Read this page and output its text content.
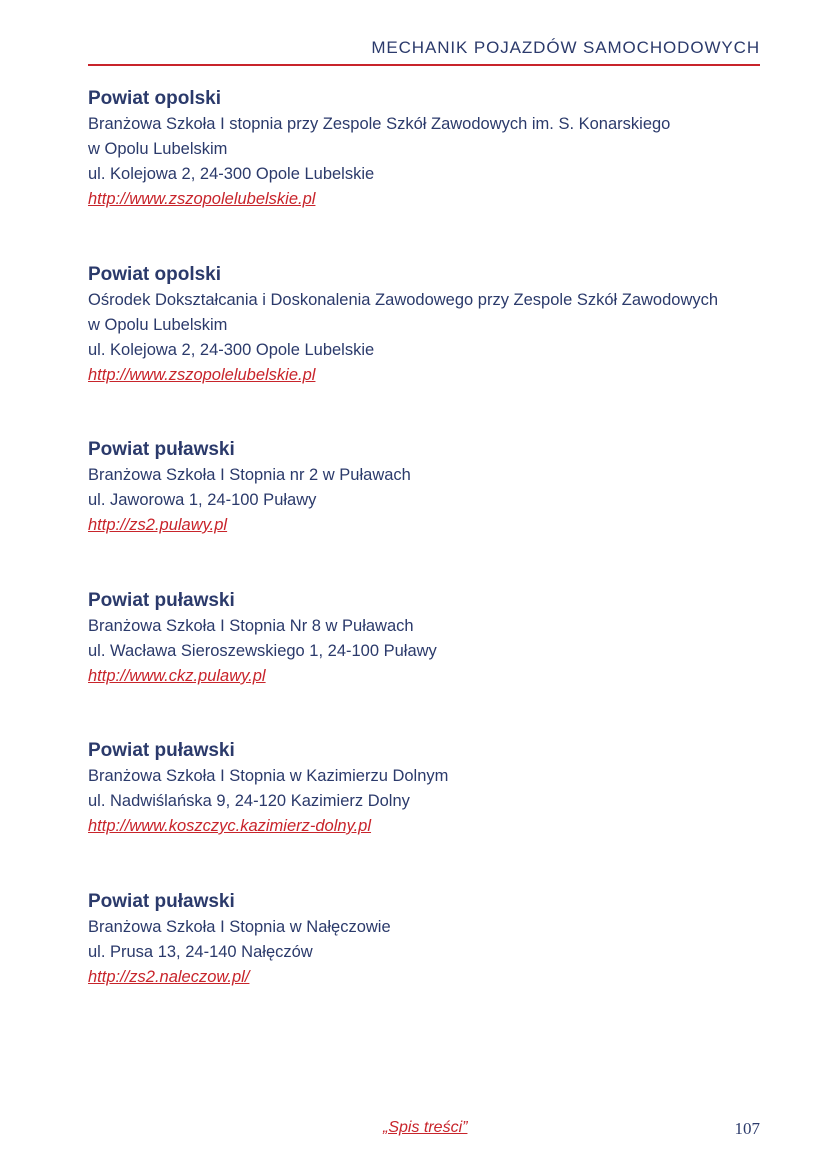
MECHANIK POJAZDÓW SAMOCHODOWYCH
Powiat opolski
Branżowa Szkoła I stopnia przy Zespole Szkół Zawodowych im. S. Konarskiego
w Opolu Lubelskim
ul. Kolejowa 2, 24-300 Opole Lubelskie
http://www.zszopolelubelskie.pl
Powiat opolski
Ośrodek Dokształcania i Doskonalenia Zawodowego przy Zespole Szkół Zawodowych
w Opolu Lubelskim
ul. Kolejowa 2, 24-300 Opole Lubelskie
http://www.zszopolelubelskie.pl
Powiat puławski
Branżowa Szkoła I Stopnia nr 2 w Puławach
ul. Jaworowa 1, 24-100 Puławy
http://zs2.pulawy.pl
Powiat puławski
Branżowa Szkoła I Stopnia Nr 8 w Puławach
ul. Wacława Sieroszewskiego 1, 24-100 Puławy
http://www.ckz.pulawy.pl
Powiat puławski
Branżowa Szkoła I Stopnia w Kazimierzu Dolnym
ul. Nadwiślańska 9, 24-120 Kazimierz Dolny
http://www.koszczyc.kazimierz-dolny.pl
Powiat puławski
Branżowa Szkoła I Stopnia w Nałęczowie
ul. Prusa 13, 24-140 Nałęczów
http://zs2.naleczow.pl/
„Spis treści”	107
